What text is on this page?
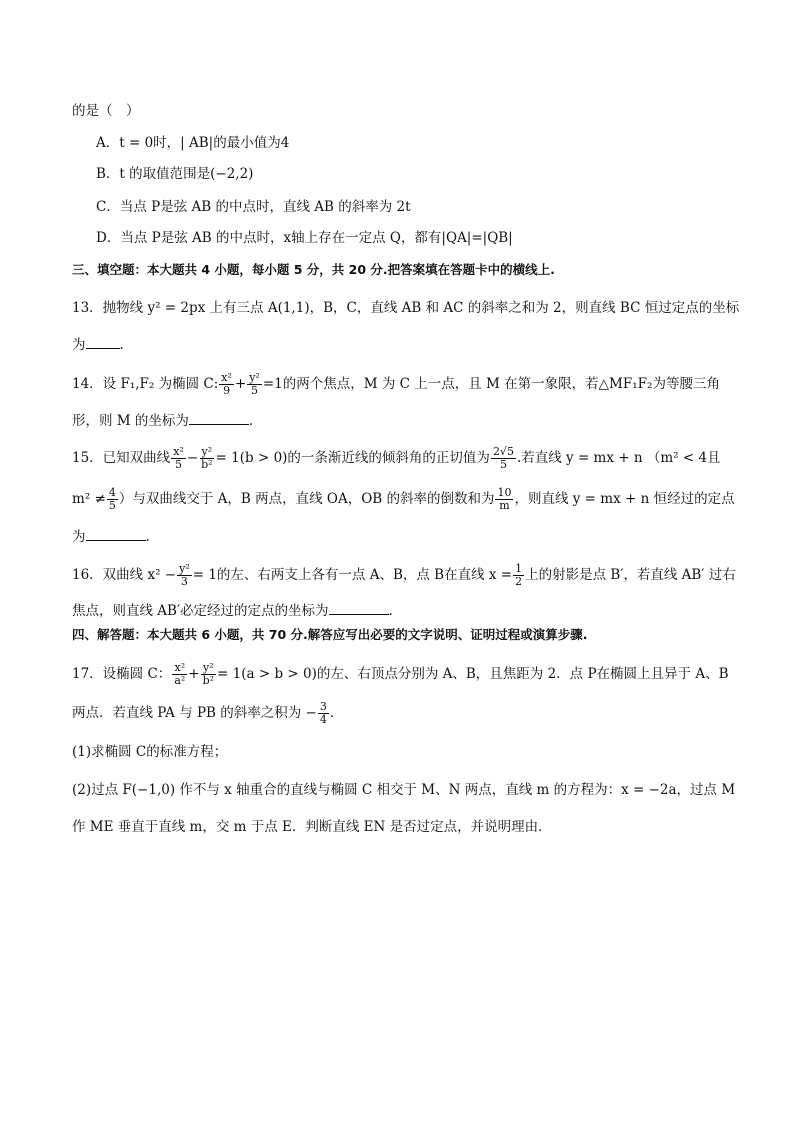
的是（　）
A．t = 0时，| AB|的最小值为4
B．t 的取值范围是(−2,2)
C．当点 P是弦 AB 的中点时，直线 AB 的斜率为 2t
D．当点 P是弦 AB 的中点时，x轴上存在一定点 Q，都有|QA|=|QB|
三、填空题：本大题共 4 小题，每小题 5 分，共 20 分.把答案填在答题卡中的横线上.
13．抛物线 y² = 2px 上有三点 A(1,1)，B，C，直线 AB 和 AC 的斜率之和为 2，则直线 BC 恒过定点的坐标
为	.
14．设 F₁,F₂ 为椭圆 C: $\frac{\text{x²}}{9} + \frac{\text{y²}}{5} =1$的两个焦点，M 为 C 上一点，且 M 在第一象限，若△MF₁F₂为等腰三角
形，则 M 的坐标为	.
15．已知双曲线 $\frac{\text{x²}}{5} - \frac{\text{y²}}{\text{b²}} = 1(b > 0)$的一条渐近线的倾斜角的正切值为 $\frac{2√5}{5}$ .若直线 y = mx + n （m² < 4且
$m^2 \ne \frac{4}{5}$ ）与双曲线交于 A，B 两点，直线 OA，OB 的斜率的倒数和为 $\frac{10}{m}$ ，则直线 y = mx + n 恒经过的定点
为	.
16．双曲线 $x^2 - \frac{\text{y²}}{3} = 1$的左、右两支上各有一点 A、B，点 B在直线 $x = \frac{1}{2}$ 上的射影是点 B′，若直线 AB′ 过右
焦点，则直线 AB′必定经过的定点的坐标为	.
四、解答题：本大题共 6 小题，共 70 分.解答应写出必要的文字说明、证明过程或演算步骤.
17．设椭圆 C： $\frac{\text{x²}}{\text{a²}} + \frac{\text{y²}}{\text{b²}} = 1(a > b > 0)$的左、右顶点分别为 A、B，且焦距为 2．点 P在椭圆上且异于 A、B
两点．若直线 PA 与 PB 的斜率之积为 − $\frac{3}{4}$ ．
(1)求椭圆 C的标准方程；
(2)过点 F(−1,0) 作不与 x 轴重合的直线与椭圆 C 相交于 M、N 两点，直线 m 的方程为：x = −2a，过点 M
作 ME 垂直于直线 m，交 m 于点 E．判断直线 EN 是否过定点，并说明理由．
